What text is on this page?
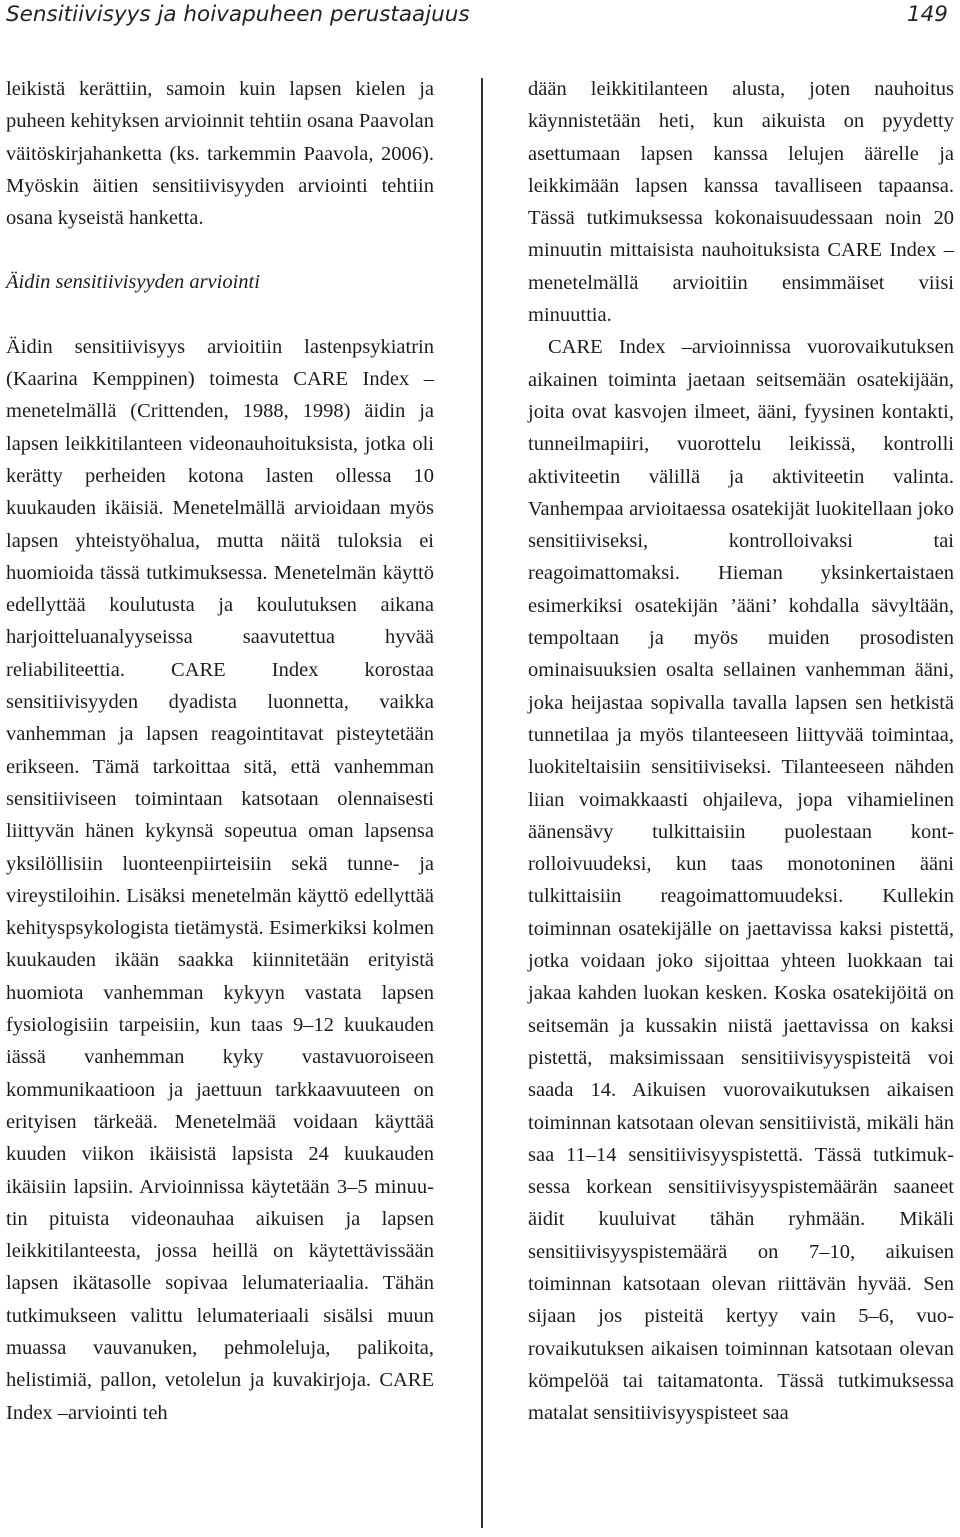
Sensitiivisyys ja hoivapuheen perustaajuus	149

leikistä kerättiin, samoin kuin lapsen kielen ja puheen kehityksen arvioinnit tehtiin osana Paavolan väitöskirjahanketta (ks. tarkemmin Paavola, 2006). Myöskin äitien sensitiivisyyden arviointi tehtiin osana kyseistä hanketta.

Äidin sensitiivisyyden arviointi

Äidin sensitiivisyys arvioitiin lastenpsykiatrin (Kaarina Kemppinen) toimesta CARE Index –menetelmällä (Crittenden, 1988, 1998) äidin ja lapsen leikkitilanteen videonauhoituksista, jotka oli kerätty perheiden kotona lasten ollessa 10 kuukauden ikäisiä. Menetelmällä arvioidaan myös lapsen yhteistyöhalua, mutta näitä tuloksia ei huomioida tässä tutkimuksessa. Menetelmän käyttö edellyttää koulutusta ja koulutuksen aikana harjoitteluanalyyseissa saavutettua hyvää reliabiliteettia. CARE Index korostaa sensitiivisyyden dyadista luonnetta, vaikka vanhemman ja lapsen reagointitavat pisteytetään erikseen. Tämä tarkoittaa sitä, että vanhemman sensitiiviseen toimintaan katsotaan olennaisesti liittyvän hänen kykynsä sopeutua oman lapsensa yksilöllisiin luonteenpiirteisiin sekä tunne- ja vireystiloihin. Lisäksi menetelmän käyttö edellyttää kehityspsykologista tietämystä. Esimerkiksi kolmen kuukauden ikään saakka kiinnitetään erityistä huomiota vanhemman kykyyn vastata lapsen fysiologisiin tarpeisiin, kun taas 9–12 kuukauden iässä vanhemman kyky vastavuoroiseen kommunikaatioon ja jaettuun tarkkaavuuteen on erityisen tärkeää. Menetelmää voidaan käyttää kuuden viikon ikäisistä lapsista 24 kuukauden ikäisiin lapsiin. Arvioinnissa käytetään 3–5 minuutin pituista videonauhaa aikuisen ja lapsen leikkitilanteesta, jossa heillä on käytettävissään lapsen ikätasolle sopivaa lelumateriaalia. Tähän tutkimukseen valittu lelumateriaali sisälsi muun muassa vauvanuken, pehmoleluja, palikoita, helistimiä, pallon, vetolelun ja kuvakirjoja. CARE Index –arviointi teh

dään leikkitilanteen alusta, joten nauhoitus käynnistetään heti, kun aikuista on pyydetty asettumaan lapsen kanssa lelujen äärelle ja leikkimään lapsen kanssa tavalliseen tapaansa. Tässä tutkimuksessa kokonaisuudessaan noin 20 minuutin mittaisista nauhoituksista CARE Index –menetelmällä arvioitiin ensimmäiset viisi minuuttia.

CARE Index –arvioinnissa vuorovaikutuksen aikainen toiminta jaetaan seitsemään osatekijään, joita ovat kasvojen ilmeet, ääni, fyysinen kontakti, tunneilmapiiri, vuorottelu leikissä, kontrolli aktiviteetin välillä ja aktiviteetin valinta. Vanhempaa arvioitaessa osatekijät luokitellaan joko sensitiiviseksi, kontrolloivaksi tai reagoimattomaksi. Hieman yksinkertaistaen esimerkiksi osatekijän ’ääni’ kohdalla sävyltään, tempoltaan ja myös muiden prosodisten ominaisuuksien osalta sellainen vanhemman ääni, joka heijastaa sopivalla tavalla lapsen sen hetkistä tunnetilaa ja myös tilanteeseen liittyvää toimintaa, luokiteltaisiin sensitiiviseksi. Tilanteeseen nähden liian voimakkaasti ohjaileva, jopa vihamielinen äänensävy tulkittaisiin puolestaan kontrolloivuudeksi, kun taas monotoninen ääni tulkittaisiin reagoimattomuudeksi. Kullekin toiminnan osatekijälle on jaettavissa kaksi pistettä, jotka voidaan joko sijoittaa yhteen luokkaan tai jakaa kahden luokan kesken. Koska osatekijöitä on seitsemän ja kussakin niistä jaettavissa on kaksi pistettä, maksimissaan sensitiivisyyspisteitä voi saada 14. Aikuisen vuorovaikutuksen aikaisen toiminnan katsotaan olevan sensitiivistä, mikäli hän saa 11–14 sensitiivisyyspistettä. Tässä tutkimuksessa korkean sensitiivisyyspistemäärän saaneet äidit kuuluivat tähän ryhmään. Mikäli sensitiivisyyspistemäärä on 7–10, aikuisen toiminnan katsotaan olevan riittävän hyvää. Sen sijaan jos pisteitä kertyy vain 5–6, vuorovaikutuksen aikaisen toiminnan katsotaan olevan kömpelöä tai taitamatonta. Tässä tutkimuksessa matalat sensitiivisyyspisteet saa
